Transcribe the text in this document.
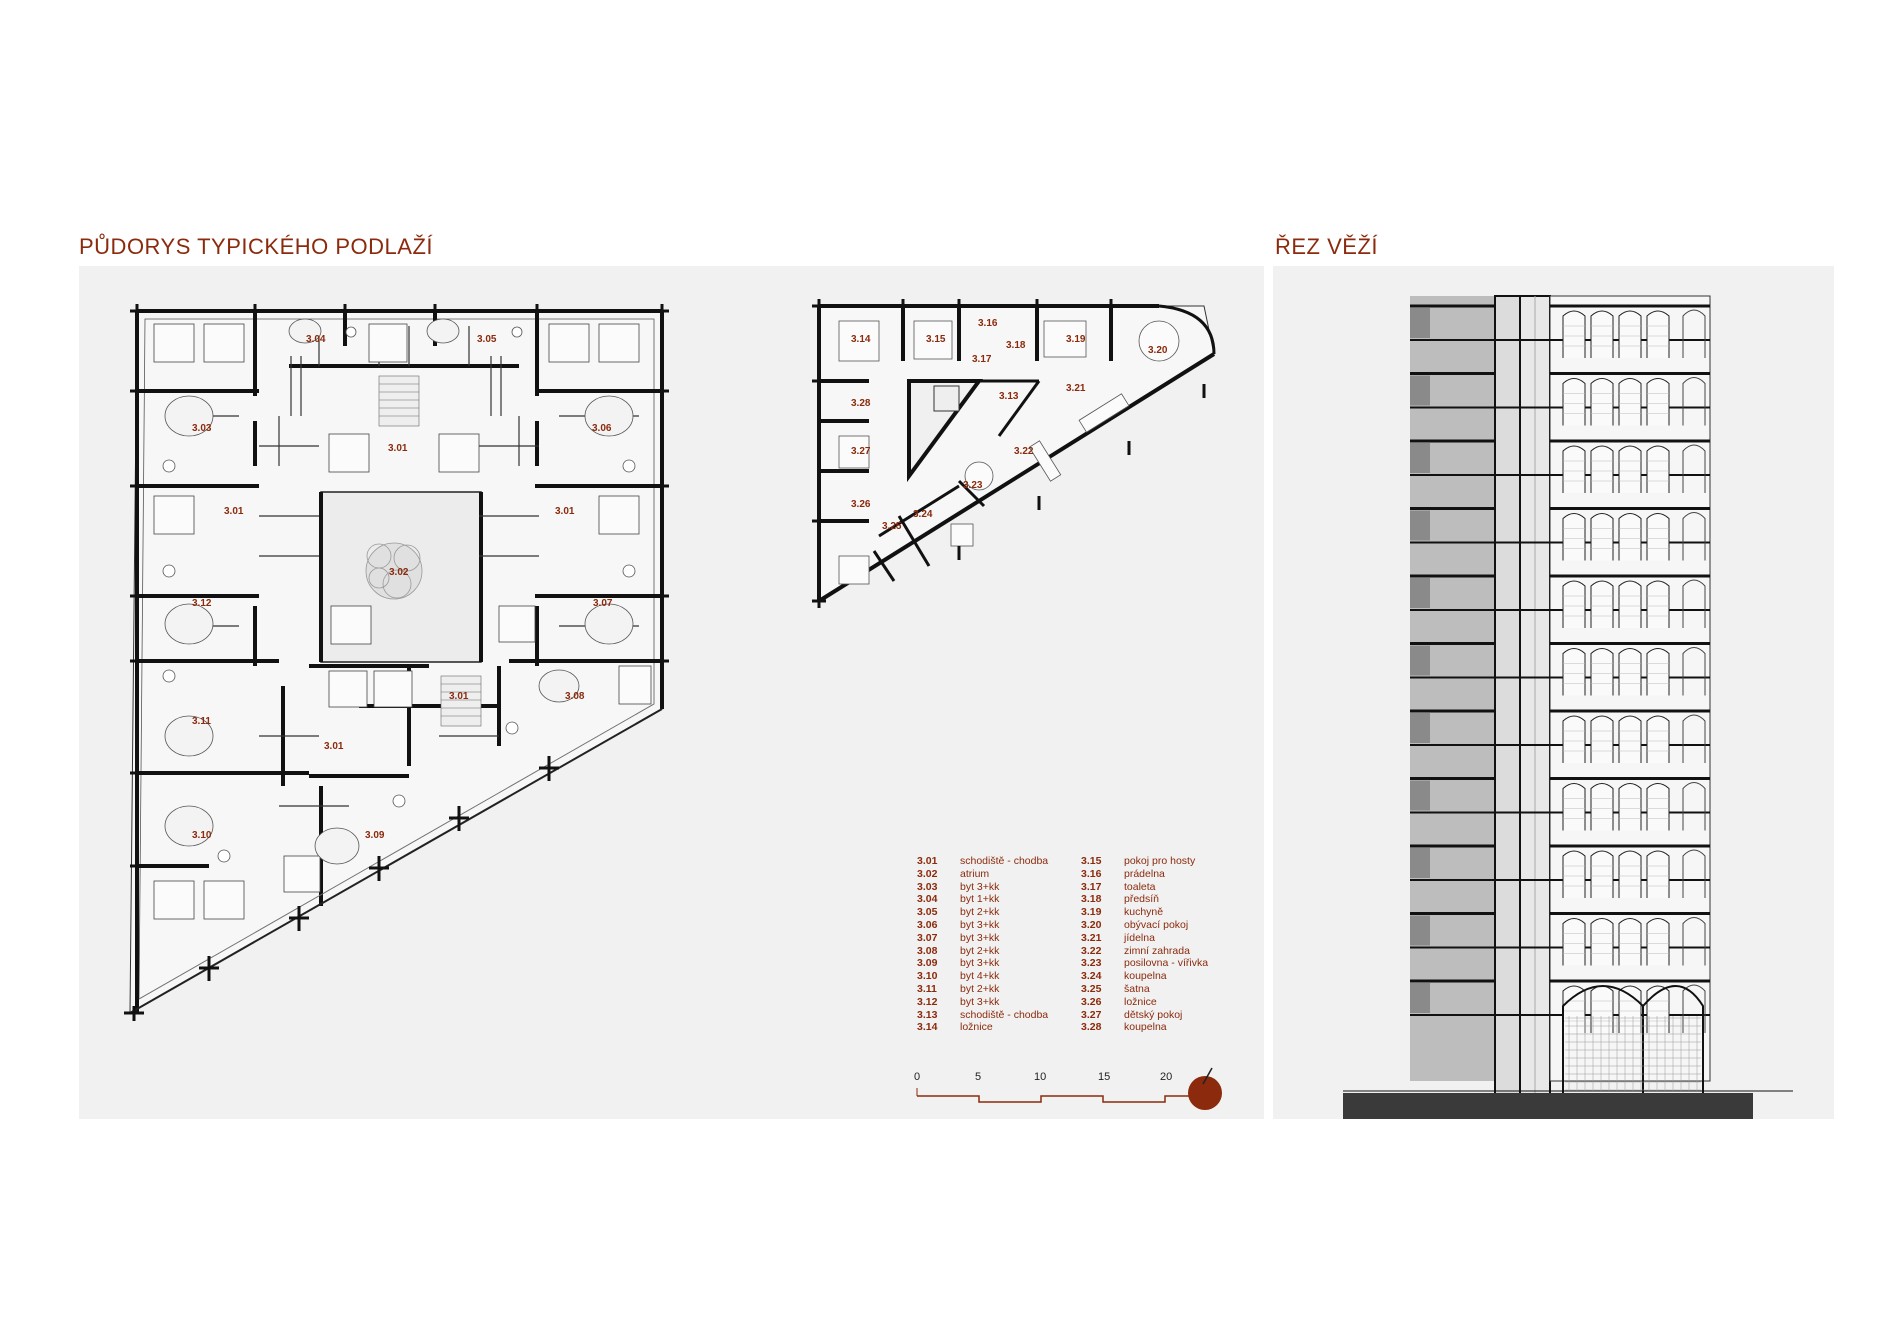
PŮDORYS TYPICKÉHO PODLAŽÍ	ŘEZ VĚŽÍ
3.04	3.05
3.03	3.06
3.01
3.01	3.01
3.02
3.12	3.07
3.11
3.08
3.01
3.01
3.10	3.09
3.14	3.15
3.16
3.17
3.18
3.19
3.20
3.21
3.13
3.28
3.27	3.22
3.23
3.26
3.25
3.24
3.01	schodiště - chodba
3.02	atrium
3.03	byt 3+kk
3.04	byt 1+kk
3.05	byt 2+kk
3.06	byt 3+kk
3.07	byt 3+kk
3.08	byt 2+kk
3.09	byt 3+kk
3.10	byt 4+kk
3.11	byt 2+kk
3.12	byt 3+kk
3.13	schodiště - chodba
3.14	ložnice
3.15	pokoj pro hosty
3.16	prádelna
3.17	toaleta
3.18	předsíň
3.19	kuchyně
3.20	obývací pokoj
3.21	jídelna
3.22	zimní zahrada
3.23	posilovna - vířivka
3.24	koupelna
3.25	šatna
3.26	ložnice
3.27	dětský pokoj
3.28	koupelna
0	5	10	15	20
